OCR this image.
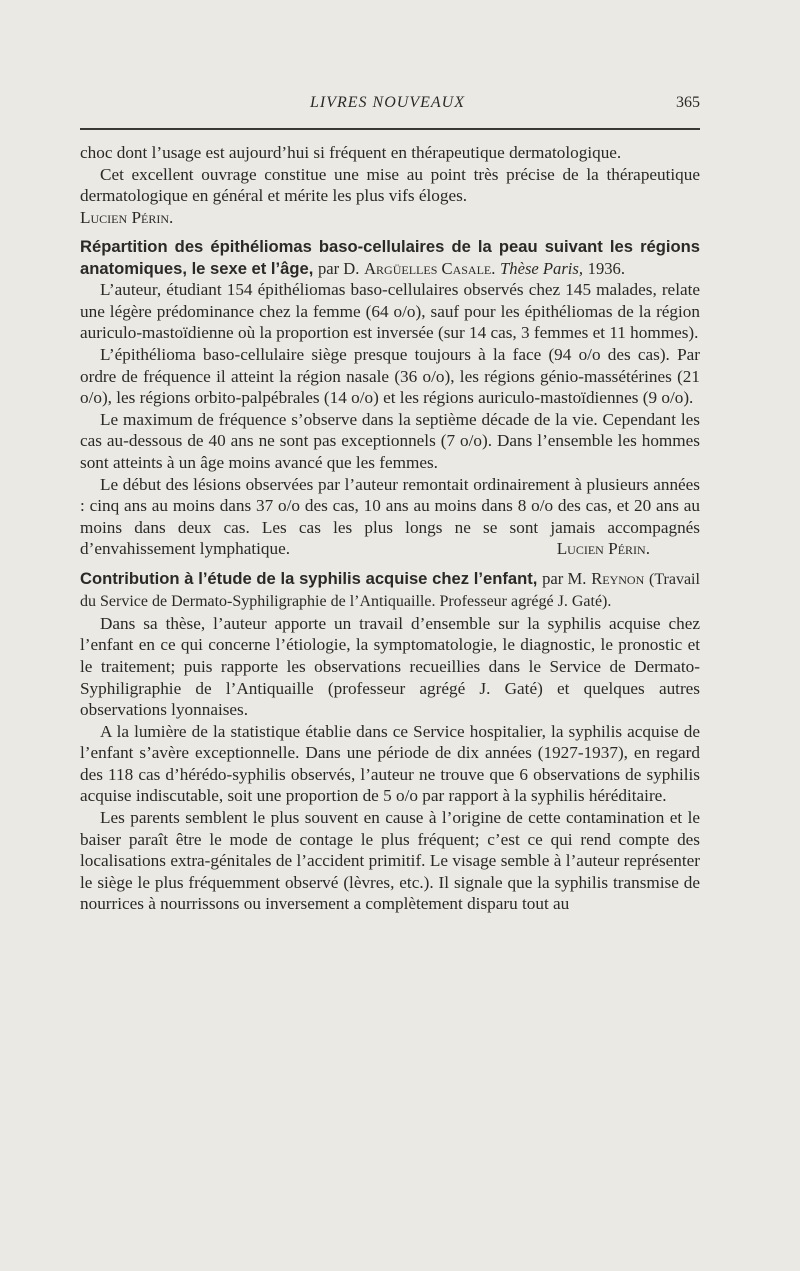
LIVRES NOUVEAUX	365

choc dont l’usage est aujourd’hui si fréquent en thérapeutique dermatologique.

Cet excellent ouvrage constitue une mise au point très précise de la thérapeutique dermatologique en général et mérite les plus vifs éloges.

Lucien Périn.

Répartition des épithéliomas baso-cellulaires de la peau suivant les régions anatomiques, le sexe et l’âge, par D. Argüelles Casale. Thèse Paris, 1936.

L’auteur, étudiant 154 épithéliomas baso-cellulaires observés chez 145 malades, relate une légère prédominance chez la femme (64 o/o), sauf pour les épithéliomas de la région auriculo-mastoïdienne où la proportion est inversée (sur 14 cas, 3 femmes et 11 hommes).

L’épithélioma baso-cellulaire siège presque toujours à la face (94 o/o des cas). Par ordre de fréquence il atteint la région nasale (36 o/o), les régions génio-massétérines (21 o/o), les régions orbito-palpébrales (14 o/o) et les régions auriculo-mastoïdiennes (9 o/o).

Le maximum de fréquence s’observe dans la septième décade de la vie. Cependant les cas au-dessous de 40 ans ne sont pas exceptionnels (7 o/o). Dans l’ensemble les hommes sont atteints à un âge moins avancé que les femmes.

Le début des lésions observées par l’auteur remontait ordinairement à plusieurs années : cinq ans au moins dans 37 o/o des cas, 10 ans au moins dans 8 o/o des cas, et 20 ans au moins dans deux cas. Les cas les plus longs ne se sont jamais accompagnés d’envahissement lymphatique.	Lucien Périn.

Contribution à l’étude de la syphilis acquise chez l’enfant, par M. Reynon (Travail du Service de Dermato-Syphiligraphie de l’Antiquaille. Professeur agrégé J. Gaté).

Dans sa thèse, l’auteur apporte un travail d’ensemble sur la syphilis acquise chez l’enfant en ce qui concerne l’étiologie, la symptomatologie, le diagnostic, le pronostic et le traitement; puis rapporte les observations recueillies dans le Service de Dermato-Syphiligraphie de l’Antiquaille (professeur agrégé J. Gaté) et quelques autres observations lyonnaises.

A la lumière de la statistique établie dans ce Service hospitalier, la syphilis acquise de l’enfant s’avère exceptionnelle. Dans une période de dix années (1927-1937), en regard des 118 cas d’hérédo-syphilis observés, l’auteur ne trouve que 6 observations de syphilis acquise indiscutable, soit une proportion de 5 o/o par rapport à la syphilis héréditaire.

Les parents semblent le plus souvent en cause à l’origine de cette contamination et le baiser paraît être le mode de contage le plus fréquent; c’est ce qui rend compte des localisations extra-génitales de l’accident primitif. Le visage semble à l’auteur représenter le siège le plus fréquemment observé (lèvres, etc.). Il signale que la syphilis transmise de nourrices à nourrissons ou inversement a complètement disparu tout au
